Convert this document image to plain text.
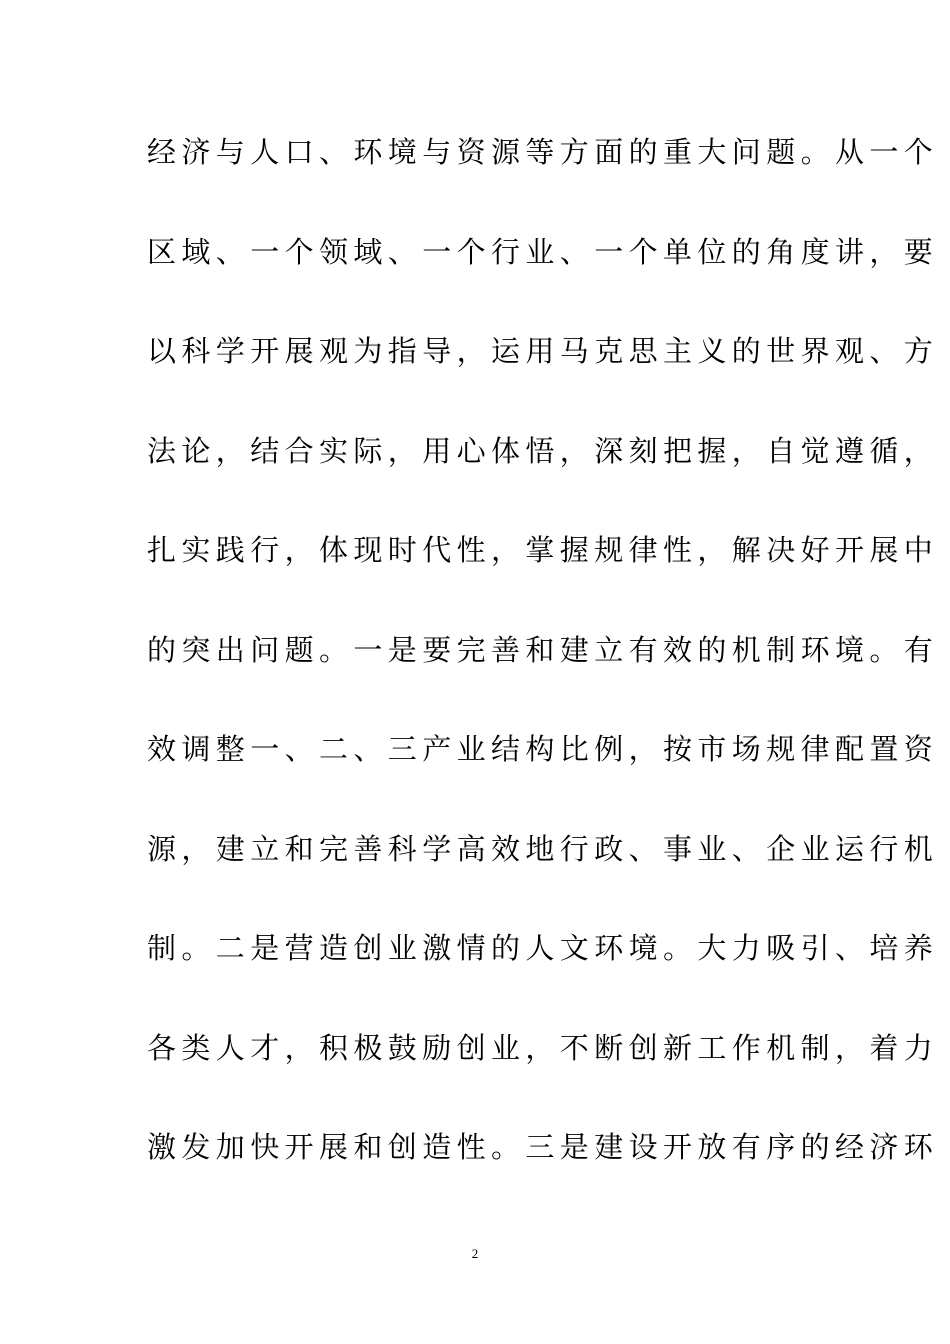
经济与人口、环境与资源等方面的重大问题。从一个
区域、一个领域、一个行业、一个单位的角度讲，要
以科学开展观为指导，运用马克思主义的世界观、方
法论，结合实际，用心体悟，深刻把握，自觉遵循，
扎实践行，体现时代性，掌握规律性，解决好开展中
的突出问题。一是要完善和建立有效的机制环境。有
效调整一、二、三产业结构比例，按市场规律配置资
源，建立和完善科学高效地行政、事业、企业运行机
制。二是营造创业激情的人文环境。大力吸引、培养
各类人才，积极鼓励创业，不断创新工作机制，着力
激发加快开展和创造性。三是建设开放有序的经济环
2
